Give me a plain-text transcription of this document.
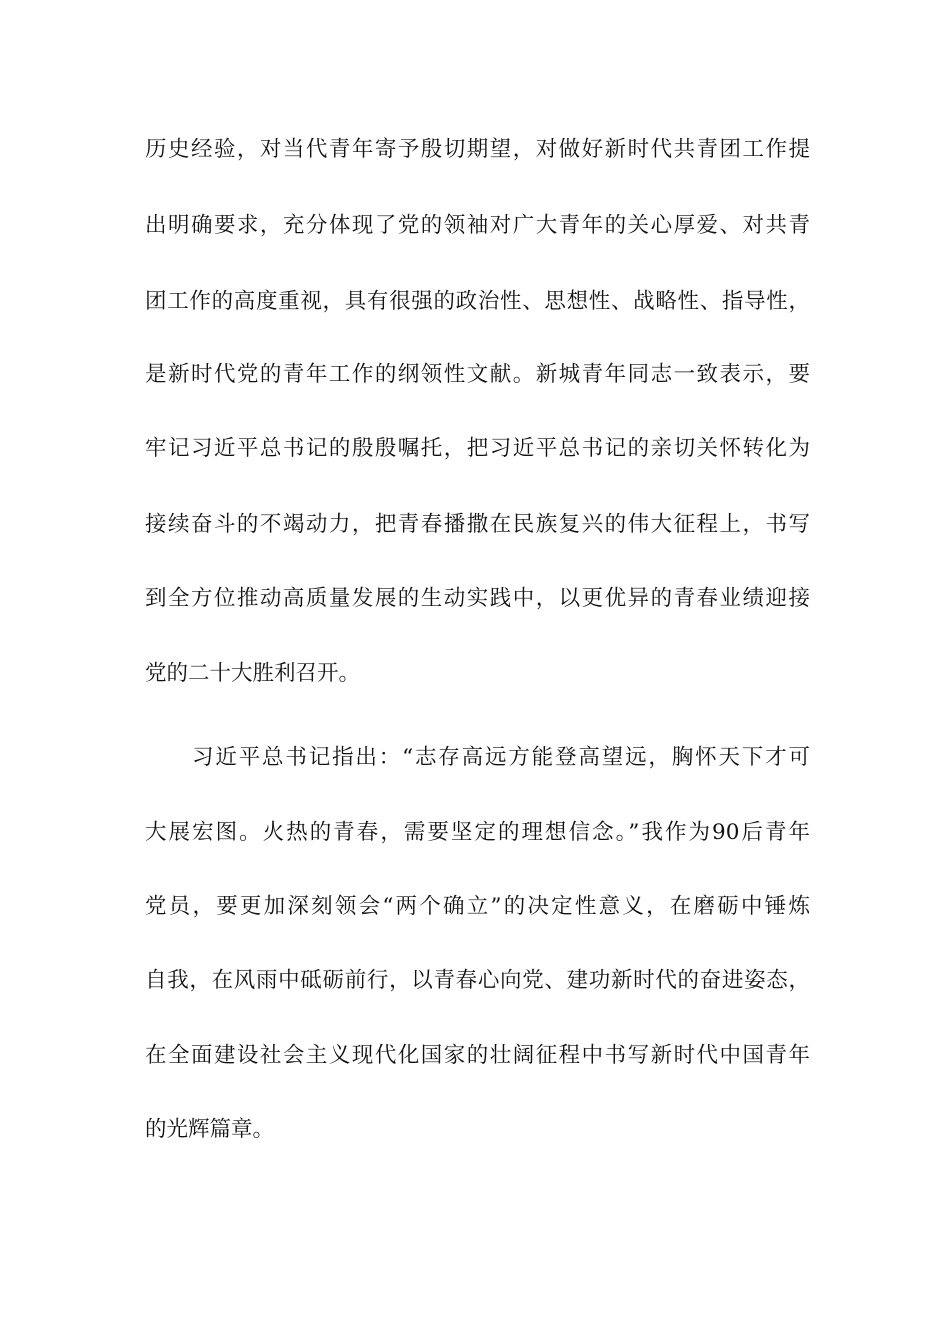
历史经验，对当代青年寄予殷切期望，对做好新时代共青团工作提
出明确要求，充分体现了党的领袖对广大青年的关心厚爱、对共青
团工作的高度重视，具有很强的政治性、思想性、战略性、指导性，
是新时代党的青年工作的纲领性文献。新城青年同志一致表示，要
牢记习近平总书记的殷殷嘱托，把习近平总书记的亲切关怀转化为
接续奋斗的不竭动力，把青春播撒在民族复兴的伟大征程上，书写
到全方位推动高质量发展的生动实践中，以更优异的青春业绩迎接
党的二十大胜利召开。
习近平总书记指出：“志存高远方能登高望远，胸怀天下才可
大展宏图。火热的青春，需要坚定的理想信念。”我作为90后青年
党员，要更加深刻领会“两个确立”的决定性意义，在磨砺中锤炼
自我，在风雨中砥砺前行，以青春心向党、建功新时代的奋进姿态，
在全面建设社会主义现代化国家的壮阔征程中书写新时代中国青年
的光辉篇章。
